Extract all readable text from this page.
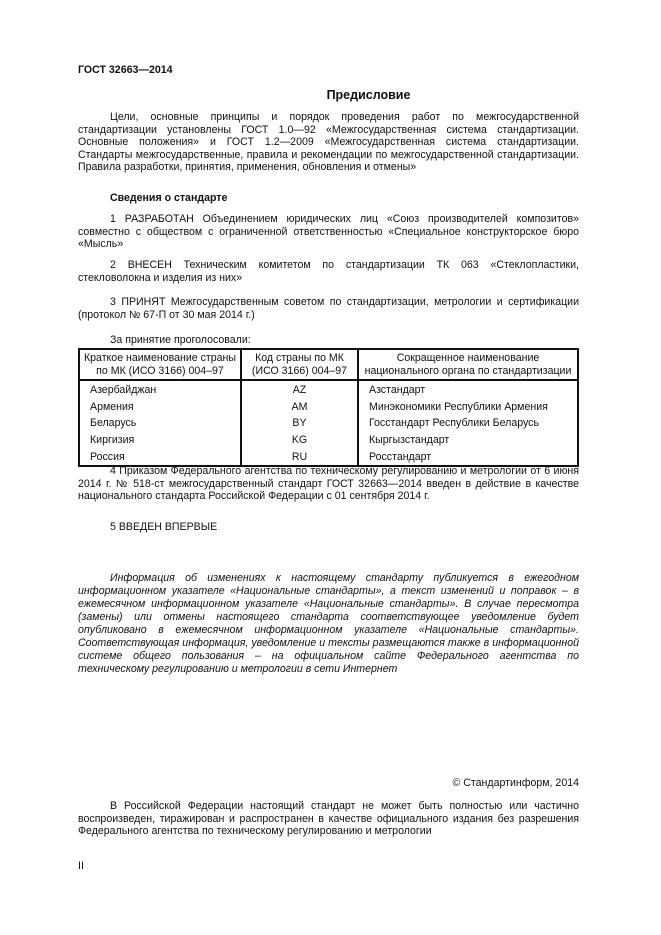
ГОСТ 32663—2014
Предисловие
Цели, основные принципы и порядок проведения работ по межгосударственной стандартизации установлены ГОСТ 1.0—92 «Межгосударственная система стандартизации. Основные положения» и ГОСТ 1.2—2009 «Межгосударственная система стандартизации. Стандарты межгосударственные, правила и рекомендации по межгосударственной стандартизации. Правила разработки, принятия, применения, обновления и отмены»
Сведения о стандарте
1 РАЗРАБОТАН Объединением юридических лиц «Союз производителей композитов» совместно с обществом с ограниченной ответственностью «Специальное конструкторское бюро «Мысль»
2 ВНЕСЕН Техническим комитетом по стандартизации ТК 063 «Стеклопластики, стекловолокна и изделия из них»
3 ПРИНЯТ Межгосударственным советом по стандартизации, метрологии и сертификации (протокол № 67-П от 30 мая 2014 г.)
За принятие проголосовали:
Краткое наименование страны по МК (ИСО 3166) 004–97	Код страны по МК (ИСО 3166) 004–97	Сокращенное наименование национального органа по стандартизации
Азербайджан	AZ	Азстандарт
Армения	AM	Минэкономики Республики Армения
Беларусь	BY	Госстандарт Республики Беларусь
Киргизия	KG	Кыргызстандарт
Россия	RU	Росстандарт
4 Приказом Федерального агентства по техническому регулированию и метрологии от 6 июня 2014 г. № 518-ст межгосударственный стандарт ГОСТ 32663—2014 введен в действие в качестве национального стандарта Российской Федерации с 01 сентября 2014 г.
5 ВВЕДЕН ВПЕРВЫЕ
Информация об изменениях к настоящему стандарту публикуется в ежегодном информационном указателе «Национальные стандарты», а текст изменений и поправок – в ежемесячном информационном указателе «Национальные стандарты». В случае пересмотра (замены) или отмены настоящего стандарта соответствующее уведомление будет опубликовано в ежемесячном информационном указателе «Национальные стандарты». Соответствующая информация, уведомление и тексты размещаются также в информационной системе общего пользования – на официальном сайте Федерального агентства по техническому регулированию и метрологии в сети Интернет
© Стандартинформ, 2014
В Российской Федерации настоящий стандарт не может быть полностью или частично воспроизведен, тиражирован и распространен в качестве официального издания без разрешения Федерального агентства по техническому регулированию и метрологии
II
